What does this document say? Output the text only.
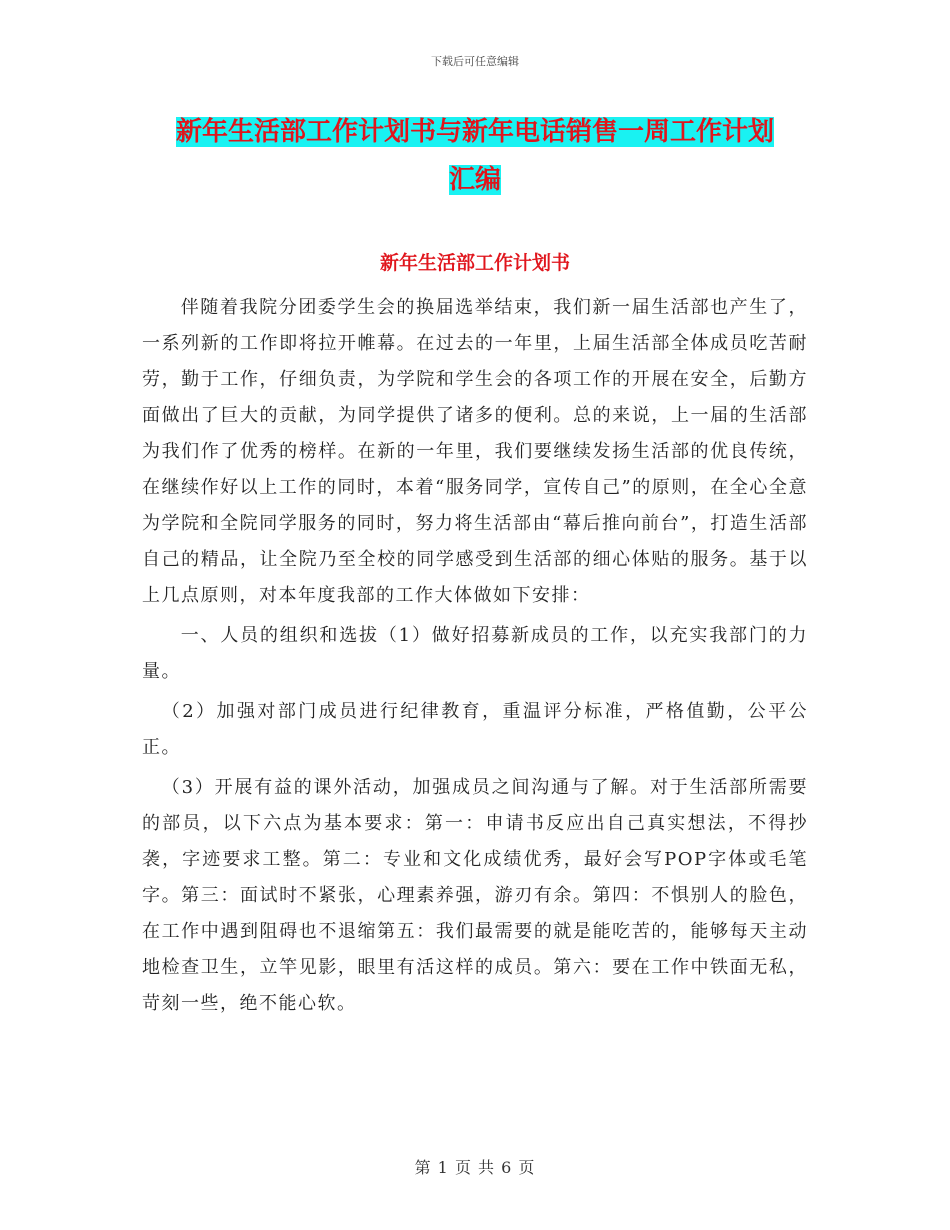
下载后可任意编辑
新年生活部工作计划书与新年电话销售一周工作计划
汇编
新年生活部工作计划书

伴随着我院分团委学生会的换届选举结束，我们新一届生活部也产生了，一系列新的工作即将拉开帷幕。在过去的一年里，上届生活部全体成员吃苦耐劳，勤于工作，仔细负责，为学院和学生会的各项工作的开展在安全，后勤方面做出了巨大的贡献，为同学提供了诸多的便利。总的来说，上一届的生活部为我们作了优秀的榜样。在新的一年里，我们要继续发扬生活部的优良传统，在继续作好以上工作的同时，本着“服务同学，宣传自己”的原则，在全心全意为学院和全院同学服务的同时，努力将生活部由“幕后推向前台”，打造生活部自己的精品，让全院乃至全校的同学感受到生活部的细心体贴的服务。基于以上几点原则，对本年度我部的工作大体做如下安排：

一、人员的组织和选拔（1）做好招募新成员的工作，以充实我部门的力量。

（2）加强对部门成员进行纪律教育，重温评分标准，严格值勤，公平公正。

（3）开展有益的课外活动，加强成员之间沟通与了解。对于生活部所需要的部员，以下六点为基本要求：第一：申请书反应出自己真实想法，不得抄袭，字迹要求工整。第二：专业和文化成绩优秀，最好会写POP字体或毛笔字。第三：面试时不紧张，心理素养强，游刃有余。第四：不惧别人的脸色，在工作中遇到阻碍也不退缩第五：我们最需要的就是能吃苦的，能够每天主动地检查卫生，立竿见影，眼里有活这样的成员。第六：要在工作中铁面无私，苛刻一些，绝不能心软。

第 1 页 共 6 页
